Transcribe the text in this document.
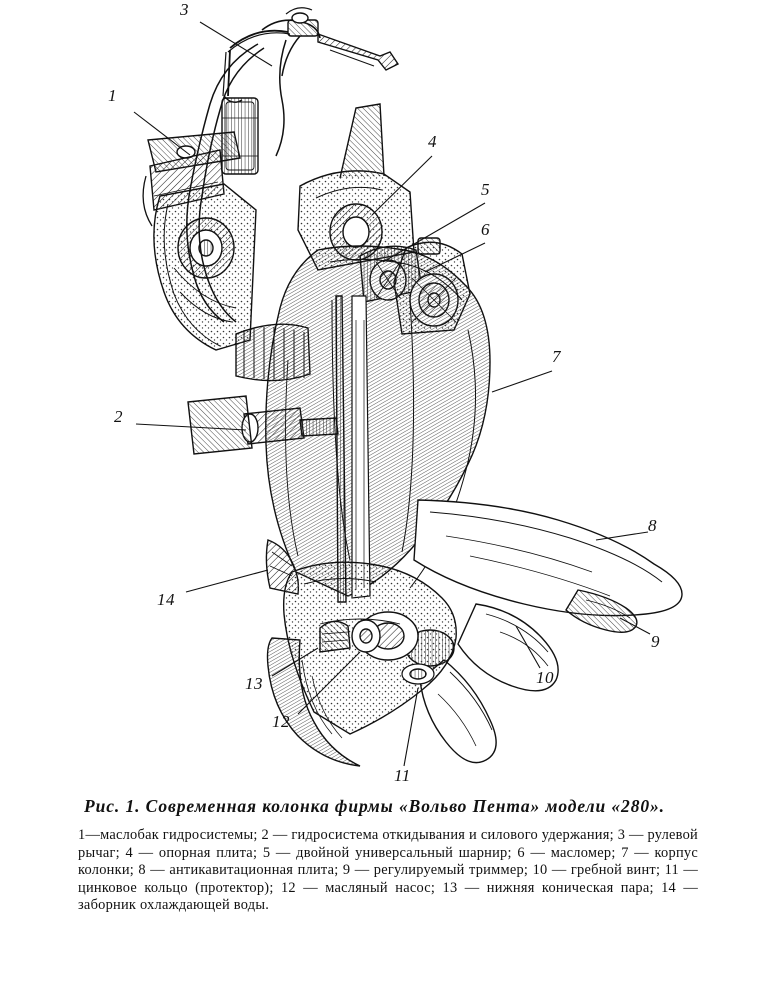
1
3
4
5
6
7
2
8
9
14
13
12
11
10

Рис. 1. Современная колонка фирмы «Вольво Пента» модели «280».

1—маслобак гидросистемы; 2 — гидросистема откидывания и силового удержания; 3 — рулевой рычаг; 4 — опорная плита; 5 — двойной универсальный шарнир; 6 — масломер; 7 — корпус колонки; 8 — антикавитационная плита; 9 — регулируемый триммер; 10 — гребной винт; 11 — цинковое кольцо (протектор); 12 — масляный насос; 13 — нижняя коническая пара; 14 — заборник охлаждающей воды.
